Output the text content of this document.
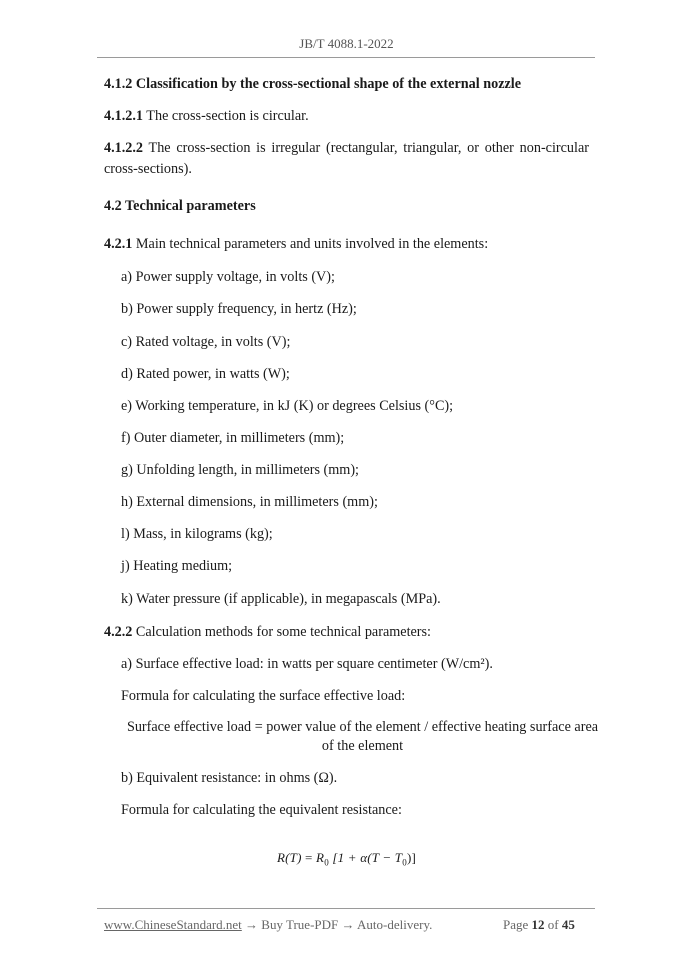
JB/T 4088.1-2022
4.1.2 Classification by the cross-sectional shape of the external nozzle
4.1.2.1 The cross-section is circular.
4.1.2.2 The cross-section is irregular (rectangular, triangular, or other non-circular cross-sections).
4.2 Technical parameters
4.2.1 Main technical parameters and units involved in the elements:
a) Power supply voltage, in volts (V);
b) Power supply frequency, in hertz (Hz);
c) Rated voltage, in volts (V);
d) Rated power, in watts (W);
e) Working temperature, in kJ (K) or degrees Celsius (°C);
f) Outer diameter, in millimeters (mm);
g) Unfolding length, in millimeters (mm);
h) External dimensions, in millimeters (mm);
l) Mass, in kilograms (kg);
j) Heating medium;
k) Water pressure (if applicable), in megapascals (MPa).
4.2.2 Calculation methods for some technical parameters:
a) Surface effective load: in watts per square centimeter (W/cm²).
Formula for calculating the surface effective load:
Surface effective load = power value of the element / effective heating surface area
of the element
b) Equivalent resistance: in ohms (Ω).
Formula for calculating the equivalent resistance:
$R(T) = R_0$ $[1 + \alpha(T - T_0)]$
www.ChineseStandard.net → Buy True-PDF → Auto-delivery.	Page 12 of 45
